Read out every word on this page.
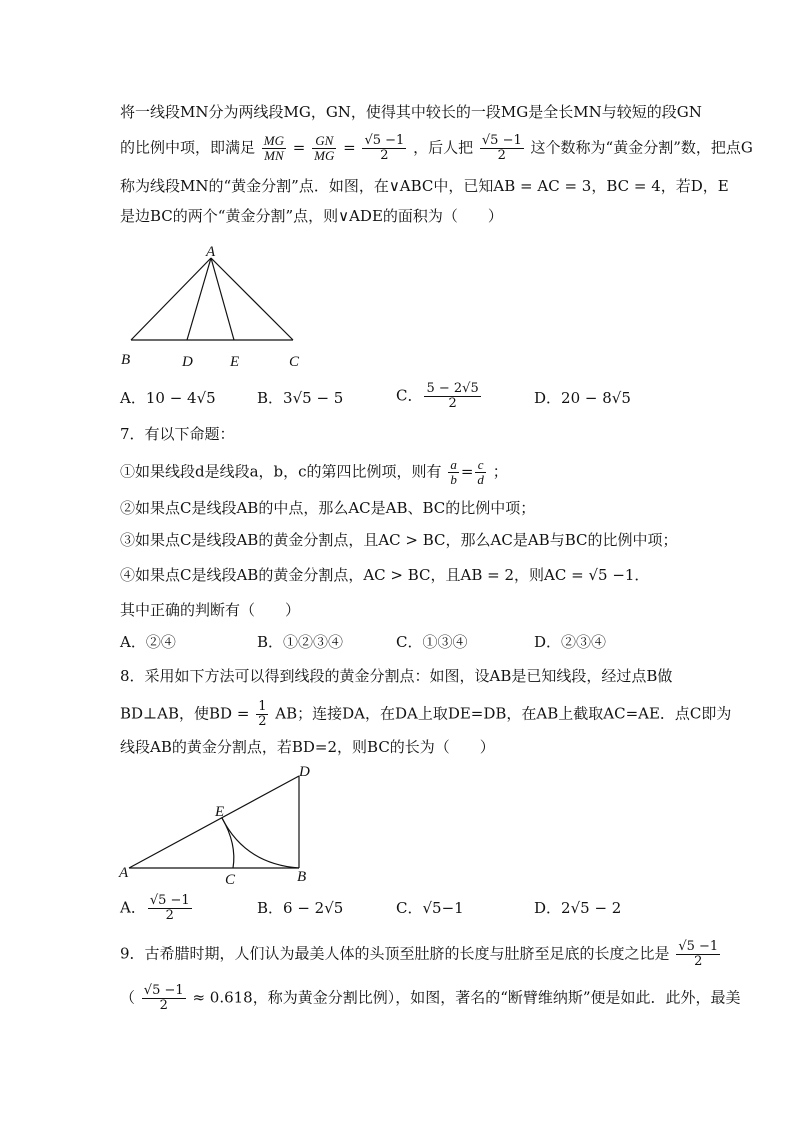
将一线段MN分为两线段MG，GN，使得其中较长的一段MG是全长MN与较短的段GN
的比例中项，即满足 $\frac{MG}{MN} = \frac{GN}{MG} = \frac{√5 -1}{2}$ ，后人把 $\frac{√5 -1}{2}$ 这个数称为“黄金分割”数，把点G
称为线段MN的“黄金分割”点．如图，在∨ABC中，已知AB = AC = 3，BC = 4，若D，E
是边BC的两个“黄金分割”点，则∨ADE的面积为（　　）
A
B	D E	C
A．10 − 4√5	B．3√5 − 5	C． $\frac{5 - 2√5}{2}$	D．20 − 8√5
7．有以下命题：
①如果线段d是线段a，b，c的第四比例项，则有 $\frac{a}{b} = \frac{c}{d}$ ；
②如果点C是线段AB的中点，那么AC是AB、BC的比例中项；
③如果点C是线段AB的黄金分割点，且AC > BC，那么AC是AB与BC的比例中项；
④如果点C是线段AB的黄金分割点，AC > BC，且AB = 2，则AC = √5 −1．
其中正确的判断有（　　）
A．②④	B．①②③④	C．①③④	D．②③④
8．采用如下方法可以得到线段的黄金分割点：如图，设AB是已知线段，经过点B做
BD⊥AB，使BD = $\frac{1}{2}$ AB；连接DA，在DA上取DE=DB，在AB上截取AC=AE．点C即为
线段AB的黄金分割点，若BD=2，则BC的长为（　　）
D
E
A	C	B
A． $\frac{√5 -1}{2}$	B．6 − 2√5	C．√5−1	D．2√5 − 2
9．古希腊时期，人们认为最美人体的头顶至肚脐的长度与肚脐至足底的长度之比是 $\frac{√5 -1}{2}$
（ $\frac{√5 -1}{2} \approx 0.618$，称为黄金分割比例），如图，著名的“断臂维纳斯”便是如此．此外，最美
